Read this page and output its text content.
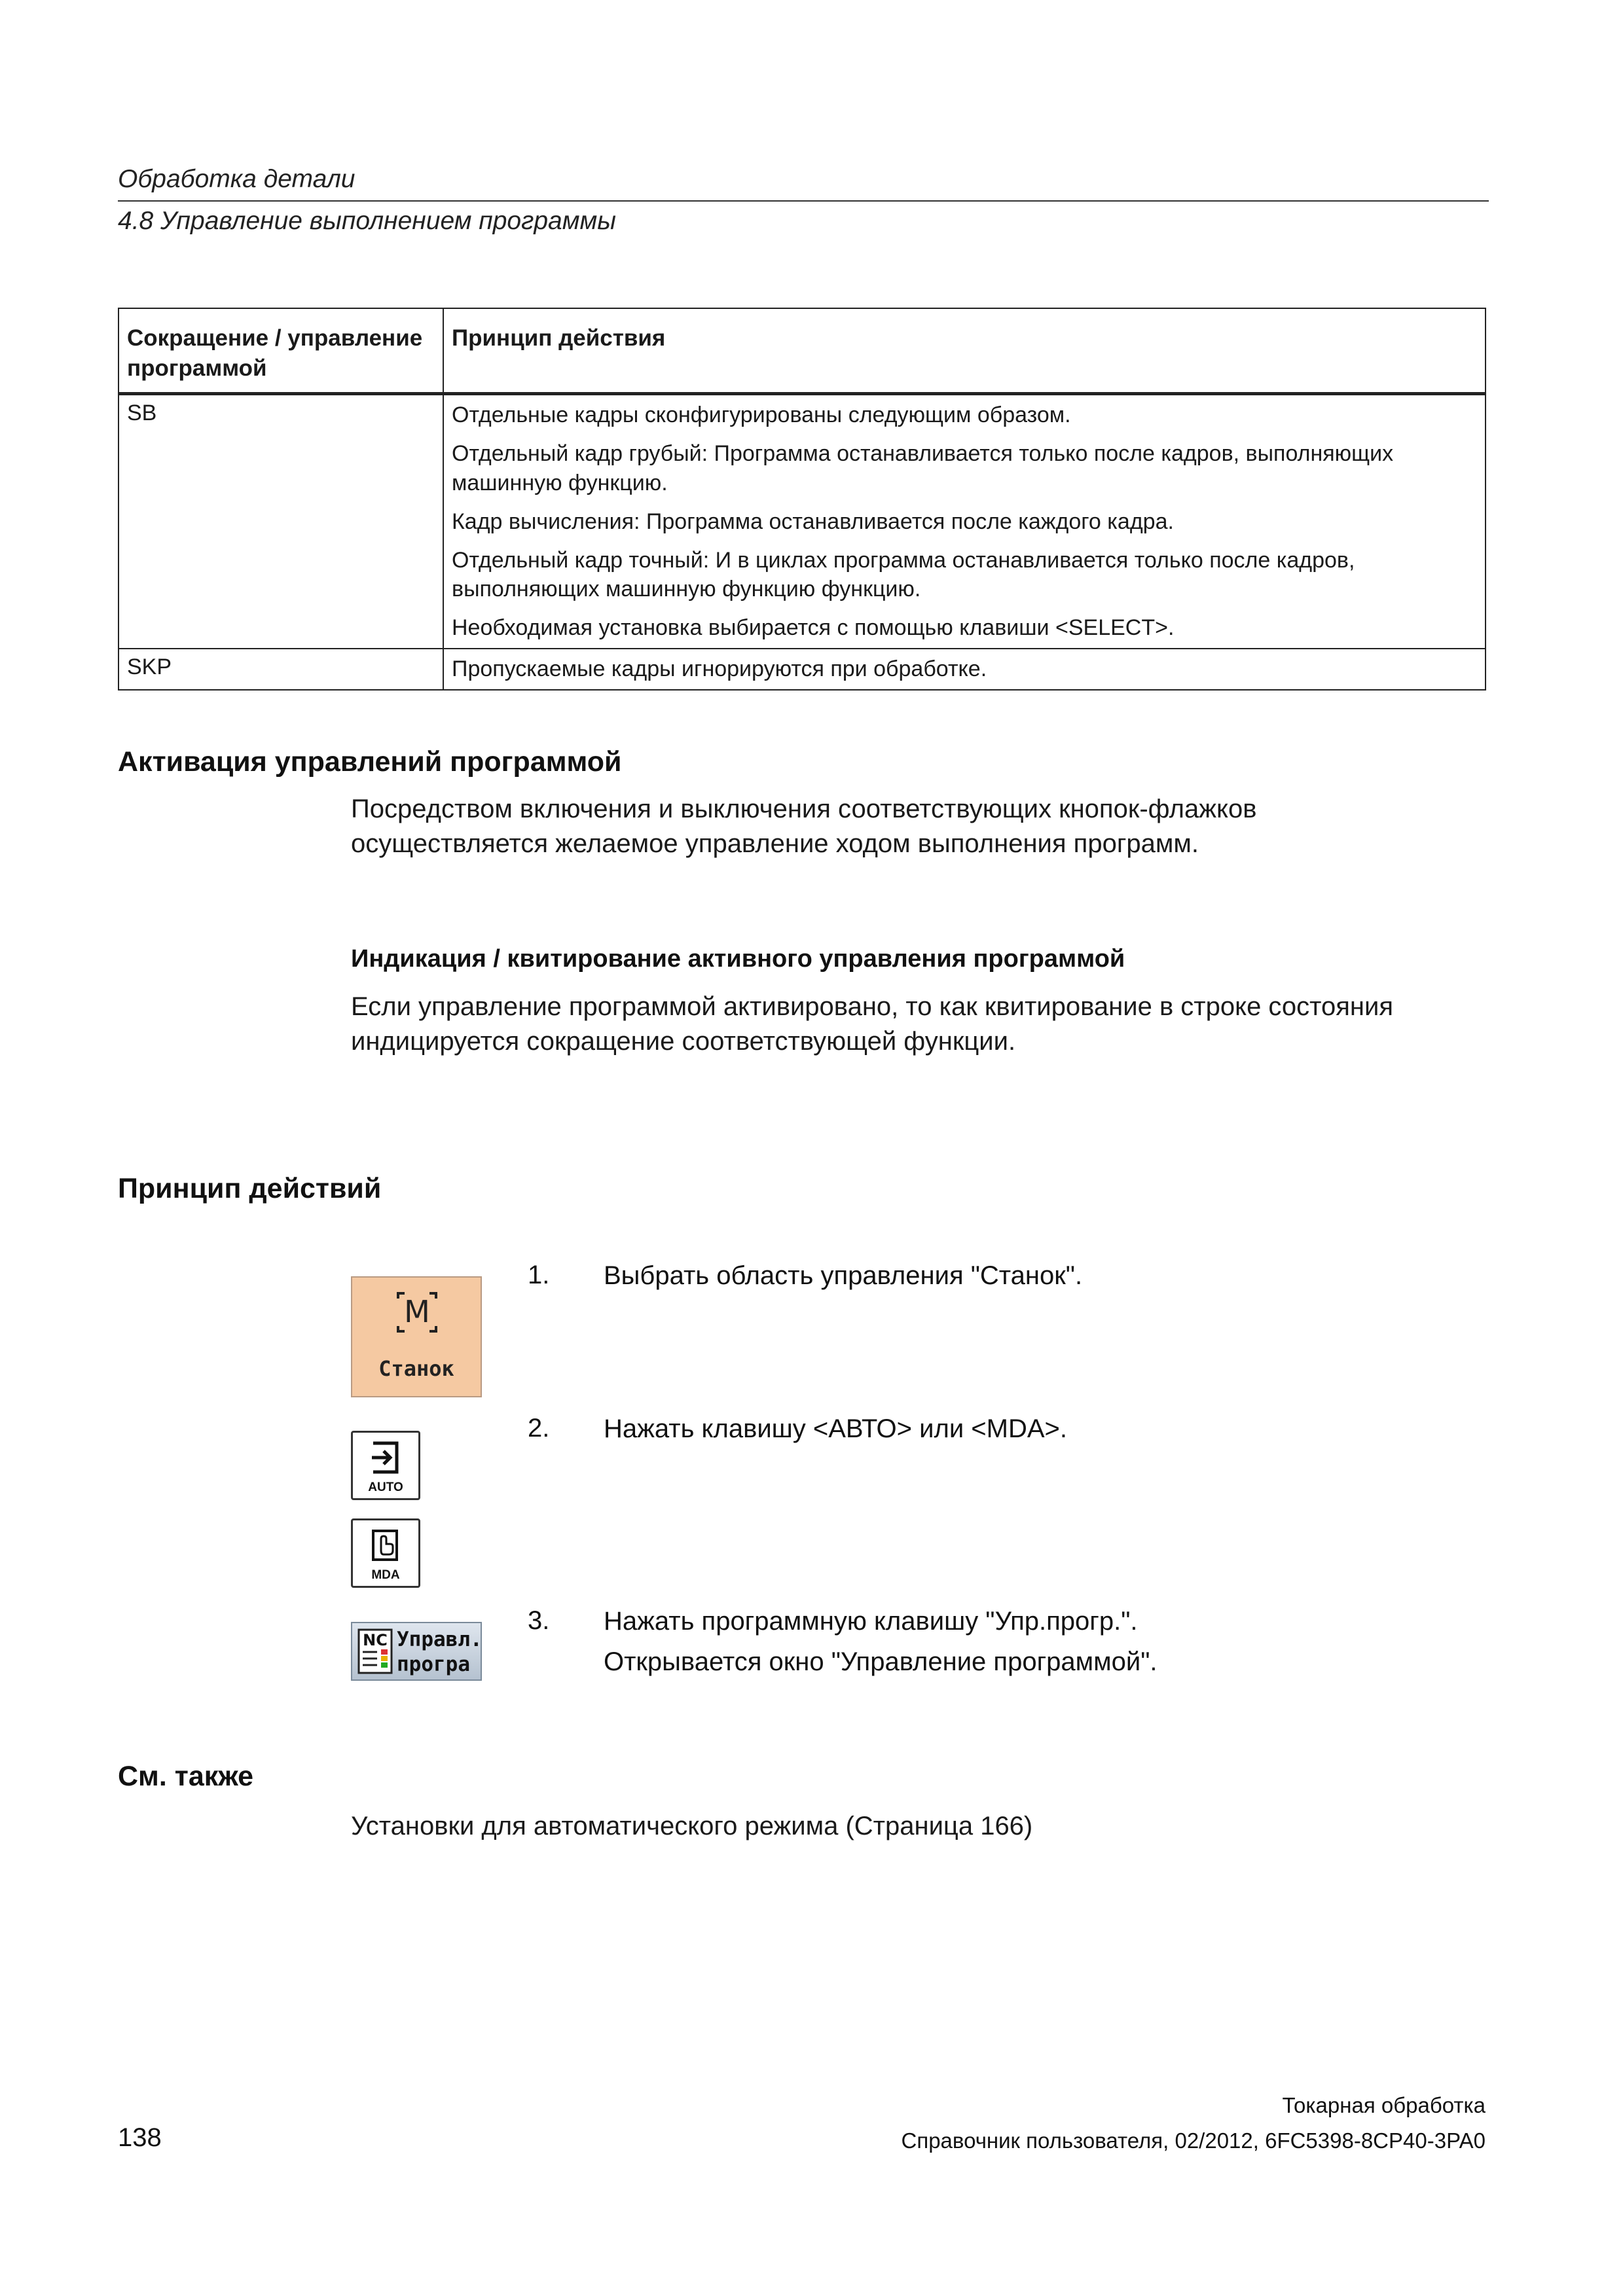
Обработка детали
4.8 Управление выполнением программы
Сокращение / управление программой	Принцип действия
SB	Отдельные кадры сконфигурированы следующим образом.

Отдельный кадр грубый: Программа останавливается только после кадров, выполняющих машинную функцию.

Кадр вычисления: Программа останавливается после каждого кадра.

Отдельный кадр точный: И в циклах программа останавливается только после кадров, выполняющих машинную функцию функцию.

Необходимая установка выбирается с помощью клавиши <SELECT>.

SKP	Пропускаемые кадры игнорируются при обработке.

Активация управлений программой
Посредством включения и выключения соответствующих кнопок-флажков осуществляется желаемое управление ходом выполнения программ.
Индикация / квитирование активного управления программой
Если управление программой активировано, то как квитирование в строке состояния индицируется сокращение соответствующей функции.
Принцип действий
M
Станок
AUTO
MDA
NC Управл.
програ
1. Выбрать область управления "Станок".
2. Нажать клавишу <АВТО> или <MDA>.
3. Нажать программную клавишу "Упр.прогр.".
Открывается окно "Управление программой".
См. также
Установки для автоматического режима (Страница 166)
Токарная обработка
138	Справочник пользователя, 02/2012, 6FC5398-8CP40-3PA0
